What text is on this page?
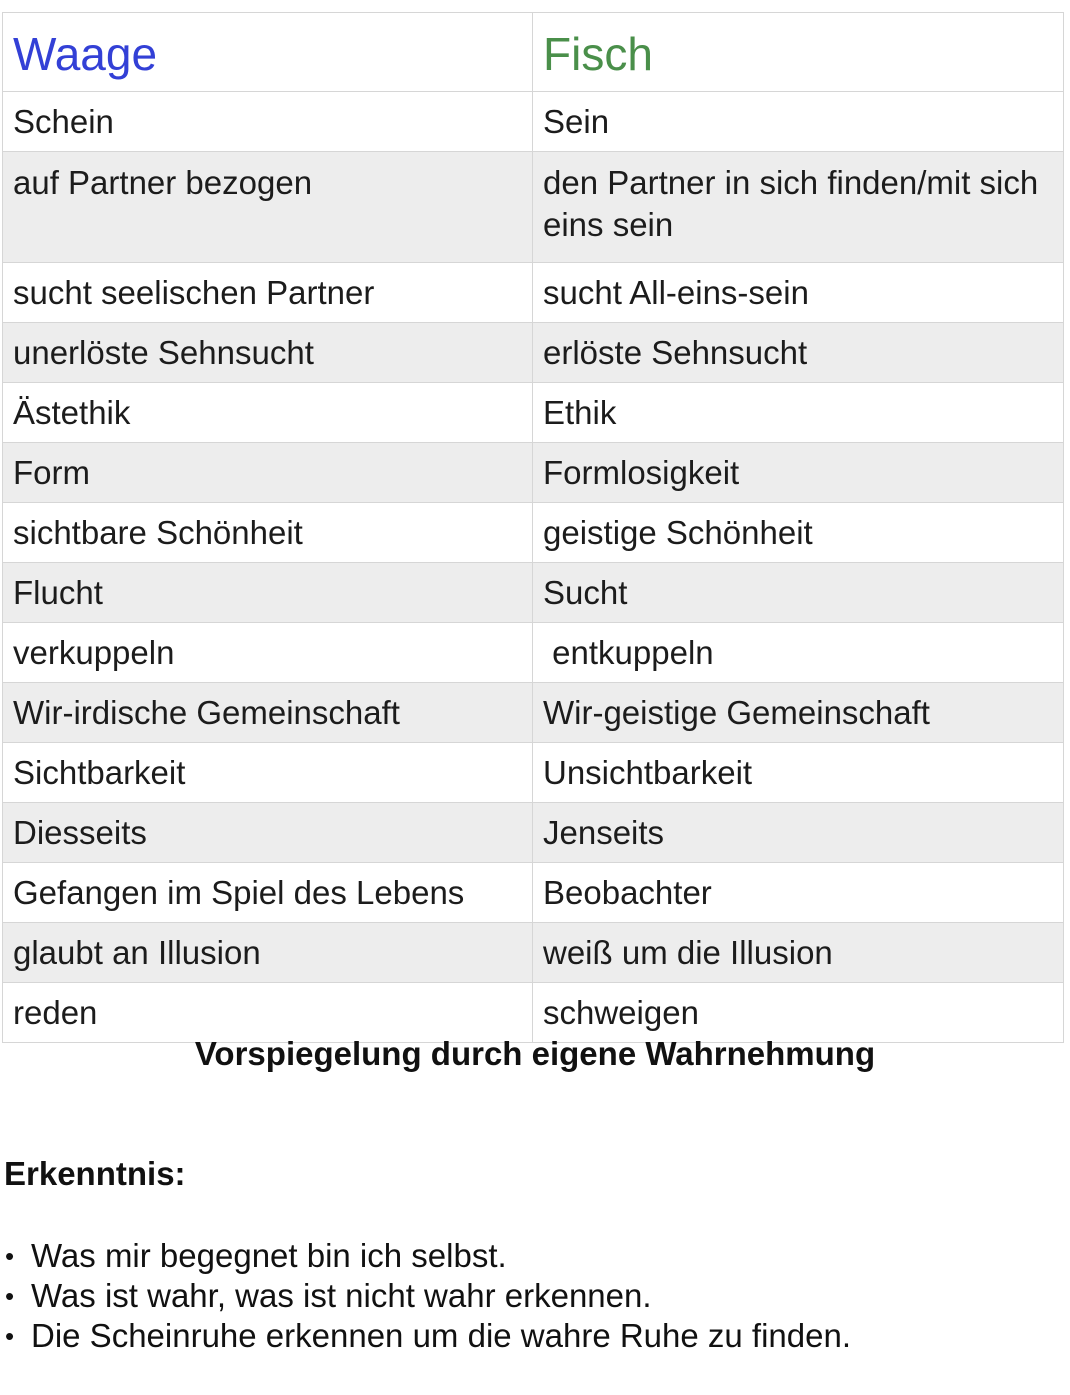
Waage	Fisch
Schein	Sein
auf Partner bezogen	den Partner in sich finden/mit sich eins sein
sucht seelischen Partner	sucht All-eins-sein
unerlöste Sehnsucht	erlöste Sehnsucht
Ästethik	Ethik
Form	Formlosigkeit
sichtbare Schönheit	geistige Schönheit
Flucht	Sucht
verkuppeln	entkuppeln
Wir-irdische Gemeinschaft	Wir-geistige Gemeinschaft
Sichtbarkeit	Unsichtbarkeit
Diesseits	Jenseits
Gefangen im Spiel des Lebens	Beobachter
glaubt an Illusion	weiß um die Illusion
reden	schweigen
Vorspiegelung durch eigene Wahrnehmung
Erkenntnis:
• Was mir begegnet bin ich selbst.
• Was ist wahr, was ist nicht wahr erkennen.
• Die Scheinruhe erkennen um die wahre Ruhe zu finden.
